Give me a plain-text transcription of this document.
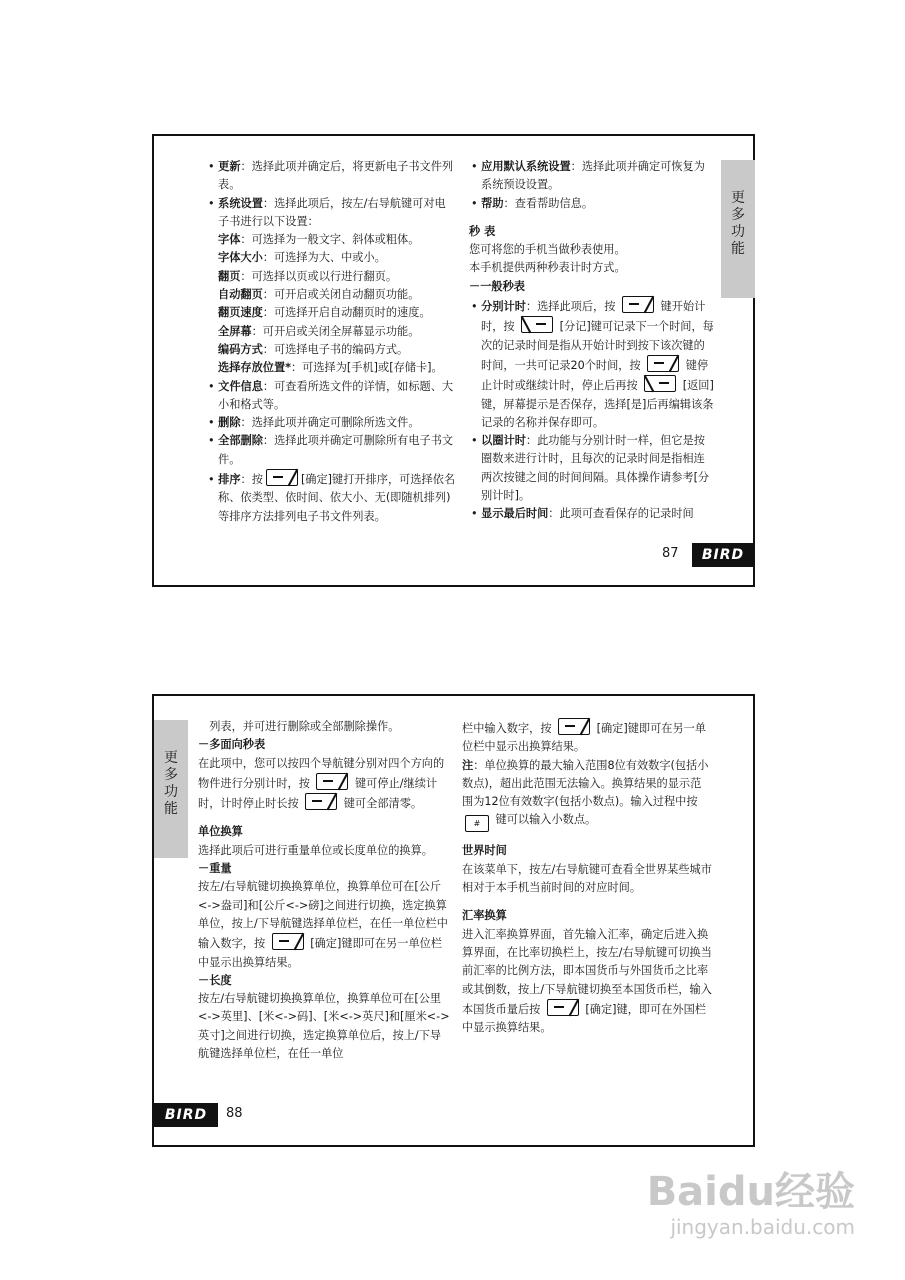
• 更新：选择此项并确定后，将更新电子书文件列表。

• 系统设置：选择此项后，按左/右导航键可对电子书进行以下设置：

字体：可选择为一般文字、斜体或粗体。

字体大小：可选择为大、中或小。

翻页：可选择以页或以行进行翻页。

自动翻页：可开启或关闭自动翻页功能。

翻页速度：可选择开启自动翻页时的速度。

全屏幕：可开启或关闭全屏幕显示功能。

编码方式：可选择电子书的编码方式。

选择存放位置*：可选择为[手机]或[存储卡]。

• 文件信息：可查看所选文件的详情，如标题、大小和格式等。

• 删除：选择此项并确定可删除所选文件。

• 全部删除：选择此项并确定可删除所有电子书文件。

• 排序：按	[确定]键打开排序，可选择依名称、依类型、依时间、依大小、无(即随机排列)等排序方法排列电子书文件列表。

• 应用默认系统设置：选择此项并确定可恢复为系统预设设置。

• 帮助：查看帮助信息。

秒 表

您可将您的手机当做秒表使用。

本手机提供两种秒表计时方式。

－一般秒表

• 分别计时：选择此项后，按	键开始计时，按	[分记]键可记录下一个时间，每次的记录时间是指从开始计时到按下该次键的时间，一共可记录20个时间，按	键停止计时或继续计时，停止后再按	[返回]键，屏幕提示是否保存，选择[是]后再编辑该条记录的名称并保存即可。

• 以圈计时：此功能与分别计时一样，但它是按圈数来进行计时，且每次的记录时间是指相连两次按键之间的时间间隔。具体操作请参考[分别计时]。

• 显示最后时间：此项可查看保存的记录时间

更
多
功
能
87	BIRD
更
多
功
能

　列表，并可进行删除或全部删除操作。

－多面向秒表

在此项中，您可以按四个导航键分别对四个方向的物件进行分别计时，按	键可停止/继续计时，计时停止时长按	键可全部清零。

单位换算

选择此项后可进行重量单位或长度单位的换算。

－重量

按左/右导航键切换换算单位，换算单位可在[公斤<->盎司]和[公斤<->磅]之间进行切换，选定换算单位，按上/下导航键选择单位栏，在任一单位栏中输入数字，按	[确定]键即可在另一单位栏中显示出换算结果。

－长度

按左/右导航键切换换算单位，换算单位可在[公里<->英里]、[米<->码]、[米<->英尺]和[厘米<->英寸]之间进行切换，选定换算单位后，按上/下导航键选择单位栏，在任一单位

栏中输入数字，按	[确定]键即可在另一单位栏中显示出换算结果。

注：单位换算的最大输入范围8位有效数字(包括小数点)，超出此范围无法输入。换算结果的显示范围为12位有效数字(包括小数点)。输入过程中按 # 键可以输入小数点。

世界时间

在该菜单下，按左/右导航键可查看全世界某些城市相对于本手机当前时间的对应时间。

汇率换算

进入汇率换算界面，首先输入汇率，确定后进入换算界面，在比率切换栏上，按左/右导航键可切换当前汇率的比例方法，即本国货币与外国货币之比率或其倒数，按上/下导航键切换至本国货币栏，输入本国货币量后按	[确定]键，即可在外国栏中显示换算结果。

BIRD	88
Baidu经验
jingyan.baidu.com
